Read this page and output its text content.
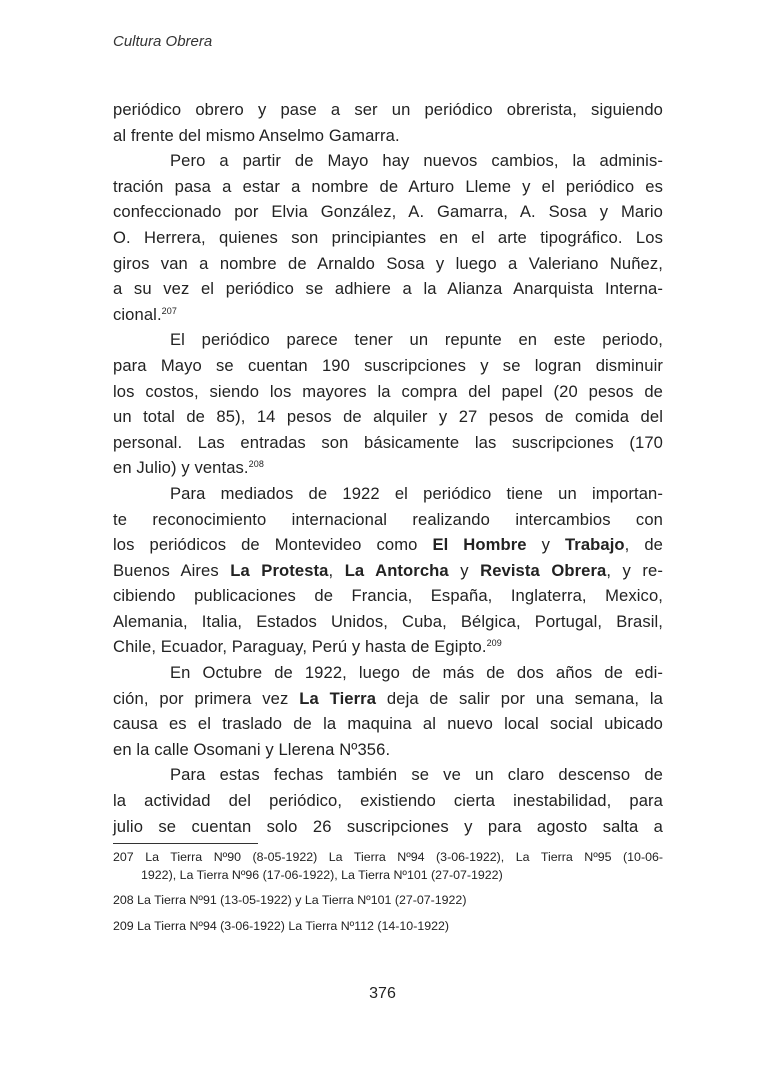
Cultura Obrera
periódico obrero y pase a ser un periódico obrerista, siguiendo
al frente del mismo Anselmo Gamarra.
Pero a partir de Mayo hay nuevos cambios, la adminis-
tración pasa a estar a nombre de Arturo Lleme y el periódico es
confeccionado por Elvia González, A. Gamarra, A. Sosa y Mario
O. Herrera, quienes son principiantes en el arte tipográfico. Los
giros van a nombre de Arnaldo Sosa y luego a Valeriano Nuñez,
a su vez el periódico se adhiere a la Alianza Anarquista Interna-
cional.$^{207}$
El periódico parece tener un repunte en este periodo,
para Mayo se cuentan 190 suscripciones y se logran disminuir
los costos, siendo los mayores la compra del papel (20 pesos de
un total de 85), 14 pesos de alquiler y 27 pesos de comida del
personal. Las entradas son básicamente las suscripciones (170
en Julio) y ventas.$^{208}$
Para mediados de 1922 el periódico tiene un importan-
te reconocimiento internacional realizando intercambios con
los periódicos de Montevideo como El Hombre y Trabajo, de
Buenos Aires La Protesta, La Antorcha y Revista Obrera, y re-
cibiendo publicaciones de Francia, España, Inglaterra, Mexico,
Alemania, Italia, Estados Unidos, Cuba, Bélgica, Portugal, Brasil,
Chile, Ecuador, Paraguay, Perú y hasta de Egipto.$^{209}$
En Octubre de 1922, luego de más de dos años de edi-
ción, por primera vez La Tierra deja de salir por una semana, la
causa es el traslado de la maquina al nuevo local social ubicado
en la calle Osomani y Llerena Nº356.
Para estas fechas también se ve un claro descenso de
la actividad del periódico, existiendo cierta inestabilidad, para
julio se cuentan solo 26 suscripciones y para agosto salta a
207 La Tierra Nº90 (8-05-1922) La Tierra Nº94 (3-06-1922), La Tierra Nº95 (10-06-
1922), La Tierra Nº96 (17-06-1922), La Tierra Nº101 (27-07-1922)
208 La Tierra Nº91 (13-05-1922) y La Tierra Nº101 (27-07-1922)
209 La Tierra Nº94 (3-06-1922) La Tierra Nº112 (14-10-1922)
376
